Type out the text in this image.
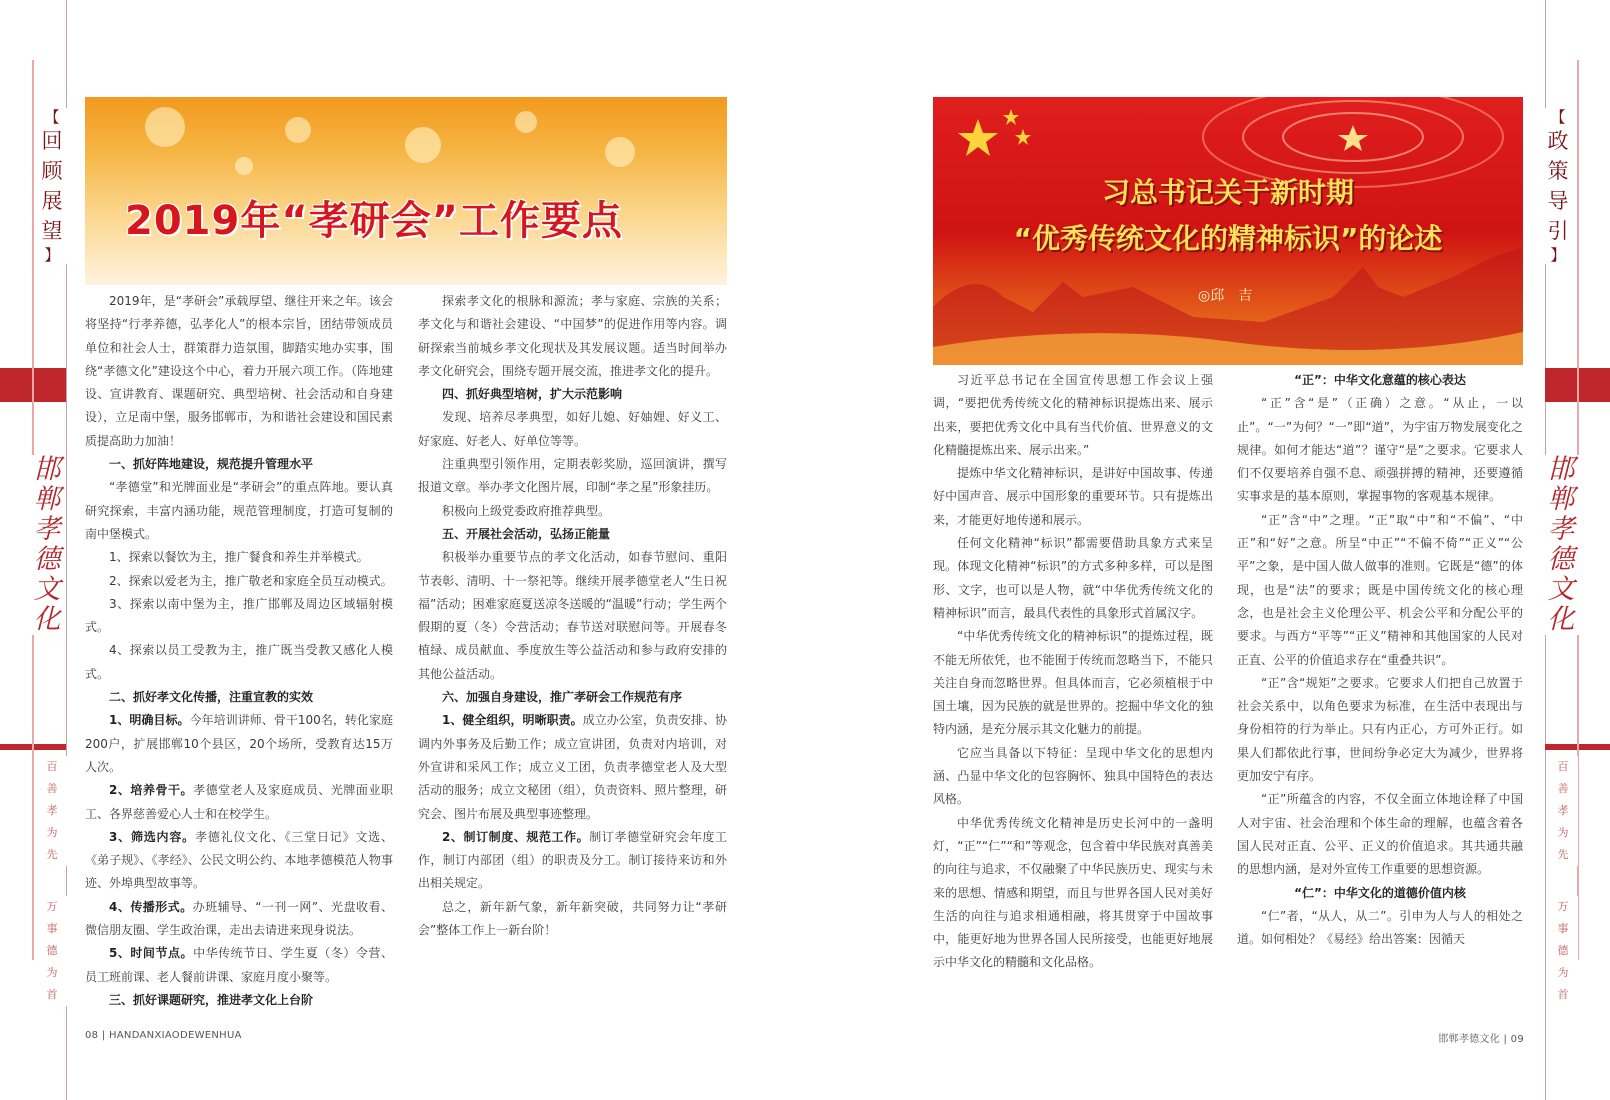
【
回
顾
展
望
】
邯
郸
孝
德
文
化
百
善
孝
为
先
万
事
德
为
首
【
政
策
导
引
】
邯
郸
孝
德
文
化
百
善
孝
为
先
万
事
德
为
首
2019年“孝研会”工作要点
习总书记关于新时期
“优秀传统文化的精神标识”的论述
◎邱　吉

2019年，是“孝研会”承载厚望、继往开来之年。该会将坚持“行孝养德，弘孝化人”的根本宗旨，团结带领成员单位和社会人士，群策群力造氛围，脚踏实地办实事，围绕“孝德文化”建设这个中心，着力开展六项工作。（阵地建设、宣讲教育、课题研究、典型培树、社会活动和自身建设），立足南中堡，服务邯郸市，为和谐社会建设和国民素质提高助力加油！

一、抓好阵地建设，规范提升管理水平

“孝德堂”和光牌面业是“孝研会”的重点阵地。要认真研究探索，丰富内涵功能，规范管理制度，打造可复制的南中堡模式。

1、探索以餐饮为主，推广餐食和养生并举模式。

2、探索以爱老为主，推广敬老和家庭全员互动模式。

3、探索以南中堡为主，推广邯郸及周边区域辐射模式。

4、探索以员工受教为主，推广既当受教又感化人模式。

二、抓好孝文化传播，注重宣教的实效

1、明确目标。今年培训讲师、骨干100名，转化家庭200户，扩展邯郸10个县区，20个场所，受教育达15万人次。

2、培养骨干。孝德堂老人及家庭成员、光牌面业职工、各界慈善爱心人士和在校学生。

3、筛选内容。孝德礼仪文化、《三堂日记》文选、《弟子规》、《孝经》、公民文明公约、本地孝德模范人物事迹、外埠典型故事等。

4、传播形式。办班辅导、“一刊一网”、光盘收看、微信朋友圈、学生政治课，走出去请进来现身说法。

5、时间节点。中华传统节日、学生夏（冬）令营、员工班前课、老人餐前讲课、家庭月度小聚等。

三、抓好课题研究，推进孝文化上台阶

探索孝文化的根脉和源流；孝与家庭、宗族的关系；孝文化与和谐社会建设、“中国梦”的促进作用等内容。调研探索当前城乡孝文化现状及其发展议题。适当时间举办孝文化研究会，围绕专题开展交流，推进孝文化的提升。

四、抓好典型培树，扩大示范影响

发现、培养尽孝典型，如好儿媳、好妯娌、好义工、好家庭、好老人、好单位等等。

注重典型引领作用，定期表彰奖励，巡回演讲，撰写报道文章。举办孝文化图片展，印制“孝之星”形象挂历。

积极向上级党委政府推荐典型。

五、开展社会活动，弘扬正能量

积极举办重要节点的孝文化活动，如春节慰问、重阳节表彰、清明、十一祭祀等。继续开展孝德堂老人“生日祝福”活动；困难家庭夏送凉冬送暖的“温暖”行动；学生两个假期的夏（冬）令营活动；春节送对联慰问等。开展春冬植绿、成员献血、季度放生等公益活动和参与政府安排的其他公益活动。

六、加强自身建设，推广孝研会工作规范有序

1、健全组织，明晰职责。成立办公室，负责安排、协调内外事务及后勤工作；成立宣讲团，负责对内培训，对外宣讲和采风工作；成立义工团，负责孝德堂老人及大型活动的服务；成立文秘团（组），负责资料、照片整理，研究会、图片布展及典型事迹整理。

2、制订制度、规范工作。制订孝德堂研究会年度工作，制订内部团（组）的职责及分工。制订接待来访和外出相关规定。

总之，新年新气象，新年新突破，共同努力让“孝研会”整体工作上一新台阶！

习近平总书记在全国宣传思想工作会议上强调，“要把优秀传统文化的精神标识提炼出来、展示出来，要把优秀文化中具有当代价值、世界意义的文化精髓提炼出来、展示出来。”

提炼中华文化精神标识，是讲好中国故事、传递好中国声音、展示中国形象的重要环节。只有提炼出来，才能更好地传递和展示。

任何文化精神“标识”都需要借助具象方式来呈现。体现文化精神“标识”的方式多种多样，可以是图形、文字，也可以是人物，就“中华优秀传统文化的精神标识”而言，最具代表性的具象形式首属汉字。

“中华优秀传统文化的精神标识”的提炼过程，既不能无所依凭，也不能囿于传统而忽略当下，不能只关注自身而忽略世界。但具体而言，它必须植根于中国土壤，因为民族的就是世界的。挖掘中华文化的独特内涵，是充分展示其文化魅力的前提。

它应当具备以下特征：呈现中华文化的思想内涵、凸显中华文化的包容胸怀、独具中国特色的表达风格。

中华优秀传统文化精神是历史长河中的一盏明灯，“正”“仁”“和”等观念，包含着中华民族对真善美的向往与追求，不仅融聚了中华民族历史、现实与未来的思想、情感和期望，而且与世界各国人民对美好生活的向往与追求相通相融，将其贯穿于中国故事中，能更好地为世界各国人民所接受，也能更好地展示中华文化的精髓和文化品格。

“正”：中华文化意蕴的核心表达

“正”含“是”（正确）之意。“从止，一以止”。“一”为何？“一”即“道”，为宇宙万物发展变化之规律。如何才能达“道”？谨守“是”之要求。它要求人们不仅要培养自强不息、顽强拼搏的精神，还要遵循实事求是的基本原则，掌握事物的客观基本规律。

“正”含“中”之理。“正”取“中”和“不偏”、“中正”和“好”之意。所呈“中正”“不偏不倚”“正义”“公平”之象，是中国人做人做事的准则。它既是“德”的体现，也是“法”的要求；既是中国传统文化的核心理念，也是社会主义伦理公平、机会公平和分配公平的要求。与西方“平等”“正义”精神和其他国家的人民对正直、公平的价值追求存在“重叠共识”。

“正”含“规矩”之要求。它要求人们把自己放置于社会关系中，以角色要求为标准，在生活中表现出与身份相符的行为举止。只有内正心，方可外正行。如果人们都依此行事，世间纷争必定大为减少，世界将更加安宁有序。

“正”所蕴含的内容，不仅全面立体地诠释了中国人对宇宙、社会治理和个体生命的理解，也蕴含着各国人民对正直、公平、正义的价值追求。其共通共融的思想内涵，是对外宣传工作重要的思想资源。

“仁”：中华文化的道德价值内核

“仁”者，“从人，从二”。引申为人与人的相处之道。如何相处？《易经》给出答案：因循天

08 | HANDANXIAODEWENHUA	邯郸孝德文化 | 09
